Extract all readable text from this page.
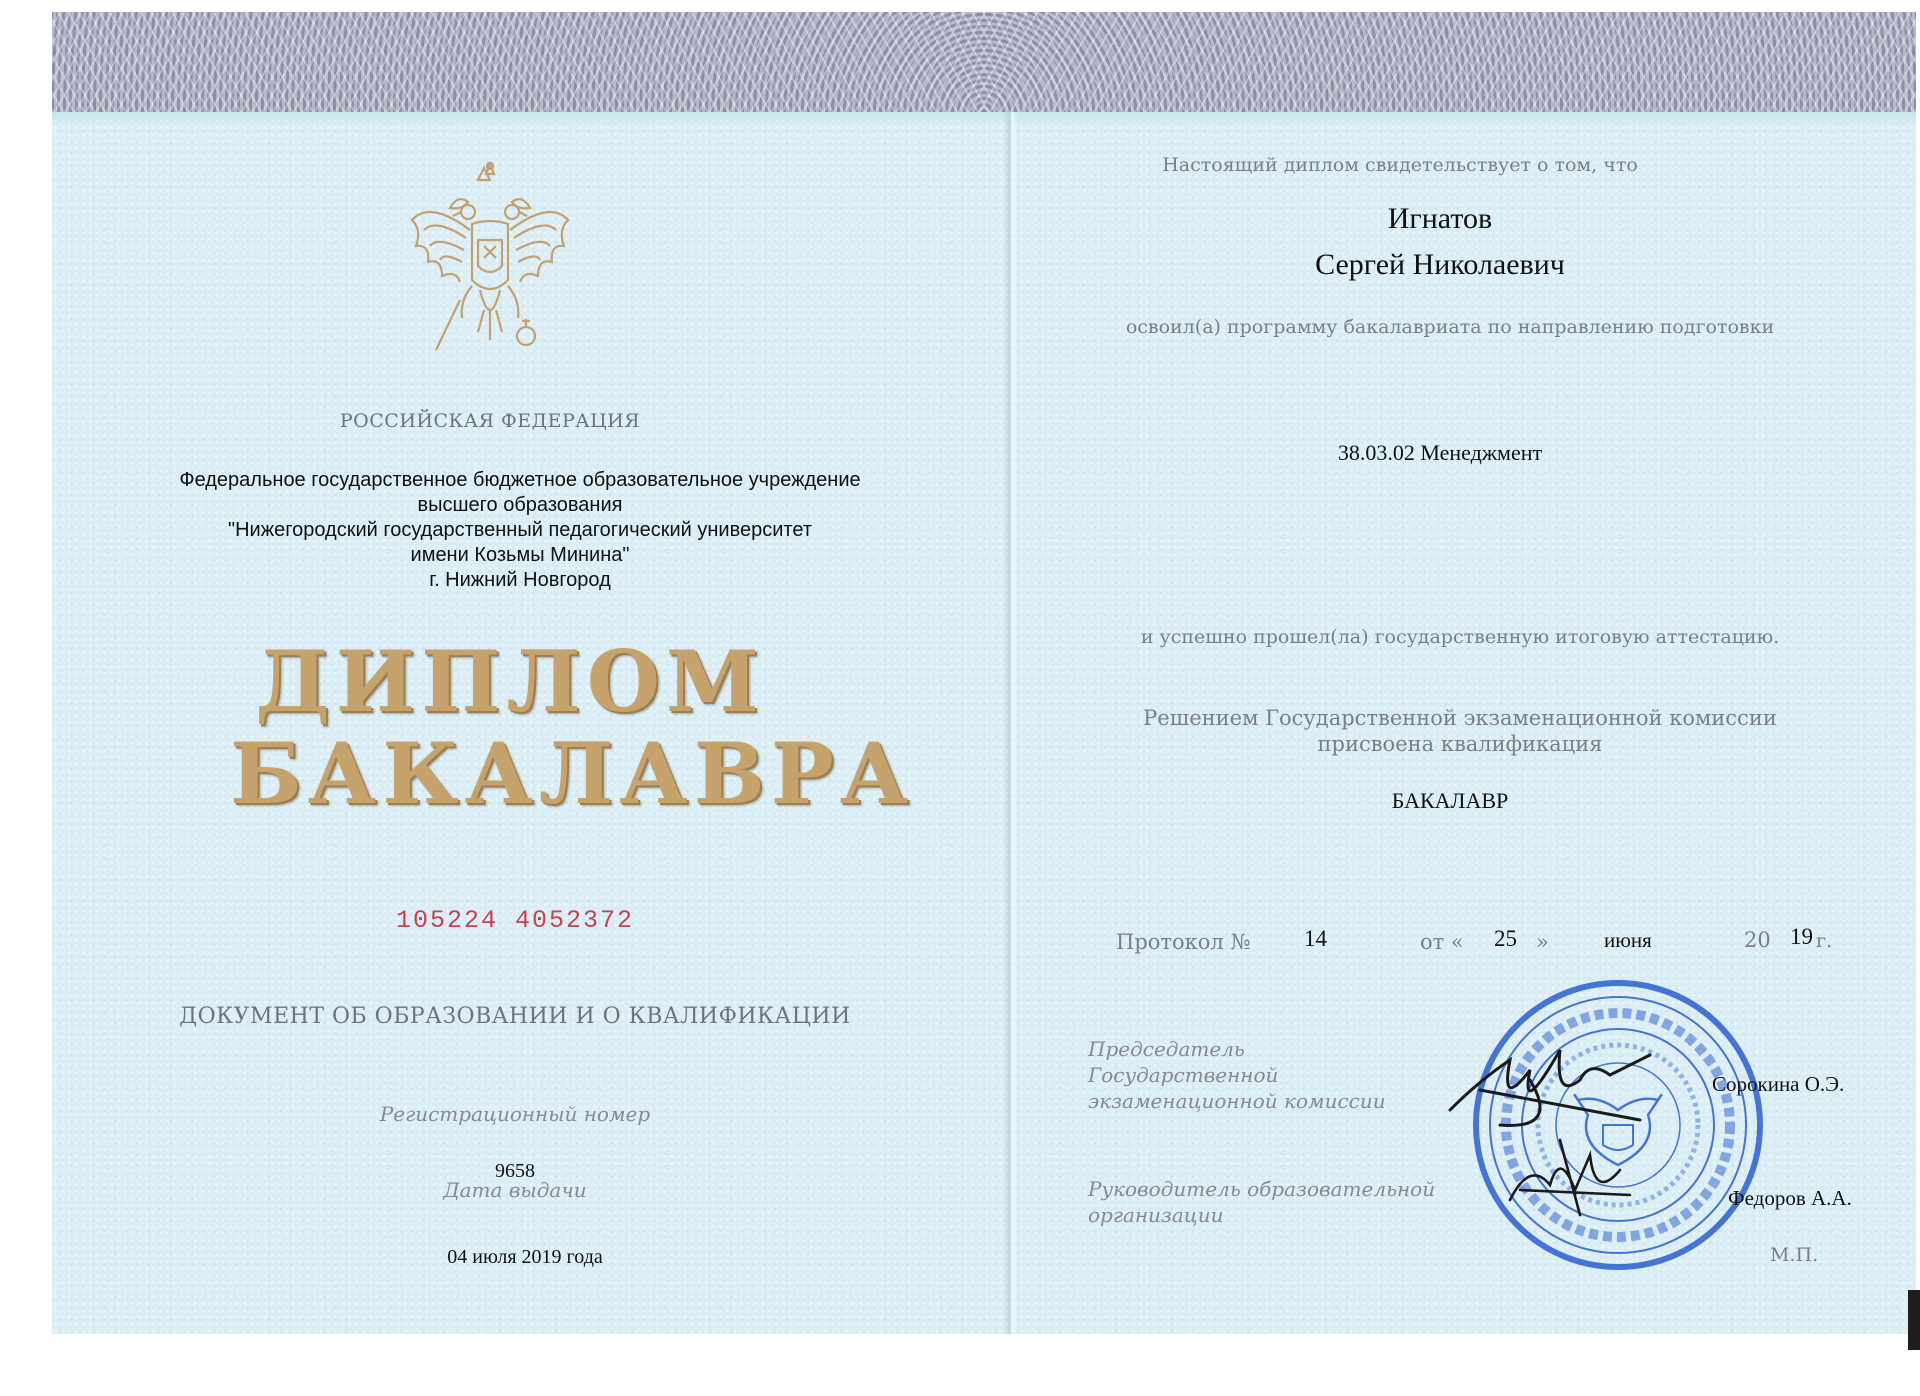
РОССИЙСКАЯ ФЕДЕРАЦИЯ
Федеральное государственное бюджетное образовательное учреждение
высшего образования
"Нижегородский государственный педагогический университет
имени Козьмы Минина"
г. Нижний Новгород
ДИПЛОМ
БАКАЛАВРА
105224 4052372
ДОКУМЕНТ ОБ ОБРАЗОВАНИИ И О КВАЛИФИКАЦИИ
Регистрационный номер
9658
Дата выдачи
04 июля 2019 года
Настоящий диплом свидетельствует о том, что
Игнатов
Сергей Николаевич
освоил(а) программу бакалавриата по направлению подготовки
38.03.02 Менеджмент
и успешно прошел(ла) государственную итоговую аттестацию.
Решением Государственной экзаменационной комиссии
присвоена квалификация
БАКАЛАВР
Протокол № 14	от « 25 »	июня	20 19 г.
Председатель
Государственной
экзаменационной комиссии
Руководитель образовательной
организации
Сорокина О.Э.
Федоров А.А.
М.П.
